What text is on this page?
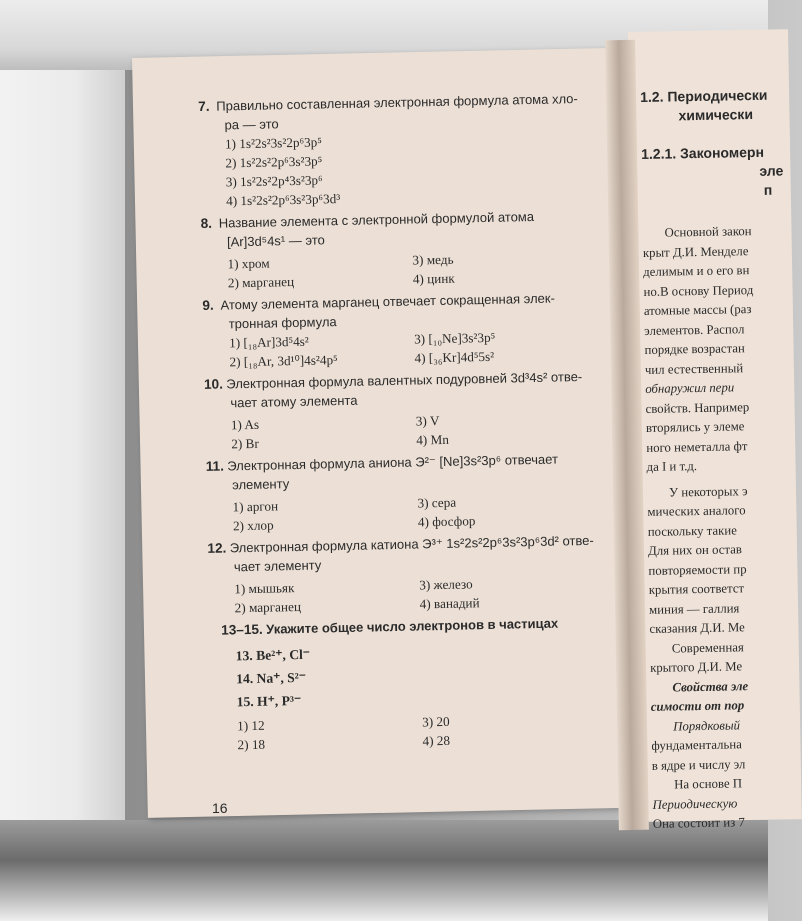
7. Правильно составленная электронная формула атома хло-
ра — это
1) 1s²2s²3s²2p⁶3p⁵
2) 1s²2s²2p⁶3s²3p⁵
3) 1s²2s²2p⁴3s²3p⁶
4) 1s²2s²2p⁶3s²3p⁶3d³
8. Название элемента с электронной формулой атома
[Ar]3d⁵4s¹ — это
1) хром	3) медь
2) марганец	4) цинк
9. Атому элемента марганец отвечает сокращенная элек-
тронная формула
1) [₁₈Ar]3d⁵4s²	3) [₁₀Ne]3s²3p⁵
2) [₁₈Ar, 3d¹⁰]4s²4p⁵	4) [₃₆Kr]4d⁵5s²
10. Электронная формула валентных подуровней 3d³4s² отве-
чает атому элемента
1) As	3) V
2) Br	4) Mn
11. Электронная формула аниона Э²⁻ [Ne]3s²3p⁶ отвечает
элементу
1) аргон	3) сера
2) хлор	4) фосфор
12. Электронная формула катиона Э³⁺ 1s²2s²2p⁶3s²3p⁶3d² отве-
чает элементу
1) мышьяк	3) железо
2) марганец	4) ванадий
13–15. Укажите общее число электронов в частицах
13. Be²⁺, Cl⁻
14. Na⁺, S²⁻
15. H⁺, P³⁻
1) 12	3) 20
2) 18	4) 28
16
1.2. Периодически
химически
1.2.1. Закономерн
эле
п
Основной закон
крыт Д.И. Менделе
делимым и о его вн
но.В основу Период
атомные массы (раз
элементов. Распол
порядке возрастан
чил естественный
обнаружил пери
свойств. Например
вторялись у элеме
ного неметалла фт
да I и т.д.
У некоторых э
мических аналого
поскольку такие
Для них он остав
повторяемости пр
крытия соответст
миния — галлия
сказания Д.И. Ме
Современная
крытого Д.И. Ме
Свойства эле
симости от пор
Порядковый
фундаментальна
в ядре и числу эл
На основе П
Периодическую
Она состоит из 7
